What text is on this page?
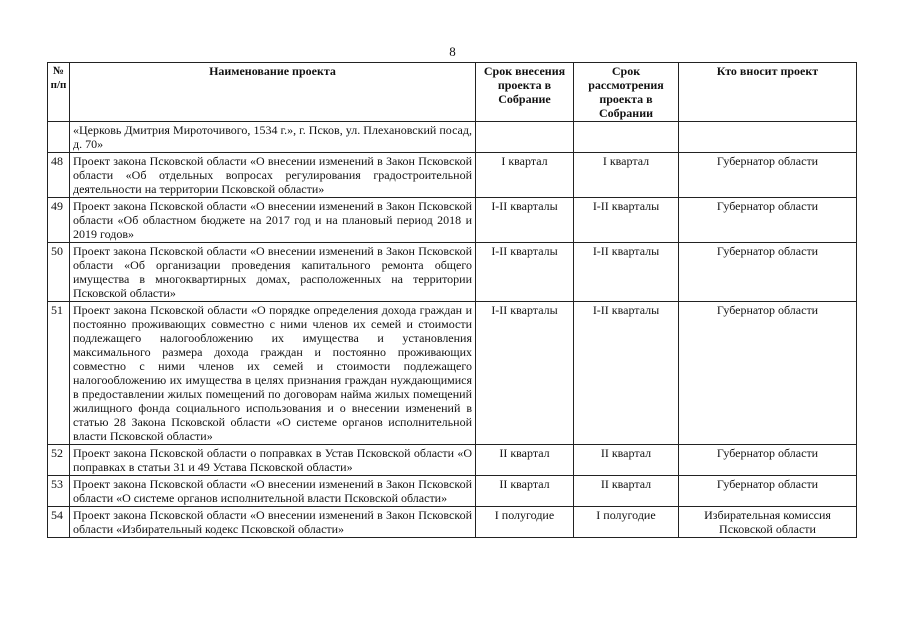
8
№
п/п	Наименование проекта	Срок внесения проекта в Собрание	Срок рассмотрения проекта в Собрании	Кто вносит проект
	«Церковь Дмитрия Мироточивого, 1534 г.», г. Псков, ул. Плехановский посад, д. 70»			
48	Проект закона Псковской области «О внесении изменений в Закон Псковской области «Об отдельных вопросах регулирования градостроительной деятельности на территории Псковской области»	I квартал	I квартал	Губернатор области
49	Проект закона Псковской области «О внесении изменений в Закон Псковской области «Об областном бюджете на 2017 год и на плановый период 2018 и 2019 годов»	I-II кварталы	I-II кварталы	Губернатор области
50	Проект закона Псковской области «О внесении изменений в Закон Псковской области «Об организации проведения капитального ремонта общего имущества в многоквартирных домах, расположенных на территории Псковской области»	I-II кварталы	I-II кварталы	Губернатор области
51	Проект закона Псковской области «О порядке определения дохода граждан и постоянно проживающих совместно с ними членов их семей и стоимости подлежащего налогообложению их имущества и установления максимального размера дохода граждан и постоянно проживающих совместно с ними членов их семей и стоимости подлежащего налогообложению их имущества в целях признания граждан нуждающимися в предоставлении жилых помещений по договорам найма жилых помещений жилищного фонда социального использования и о внесении изменений в статью 28 Закона Псковской области «О системе органов исполнительной власти Псковской области»	I-II кварталы	I-II кварталы	Губернатор области
52	Проект закона Псковской области о поправках в Устав Псковской области «О поправках в статьи 31 и 49 Устава Псковской области»	II квартал	II квартал	Губернатор области
53	Проект закона Псковской области «О внесении изменений в Закон Псковской области «О системе органов исполнительной власти Псковской области»	II квартал	II квартал	Губернатор области
54	Проект закона Псковской области «О внесении изменений в Закон Псковской области «Избирательный кодекс Псковской области»	I полугодие	I полугодие	Избирательная комиссия Псковской области
